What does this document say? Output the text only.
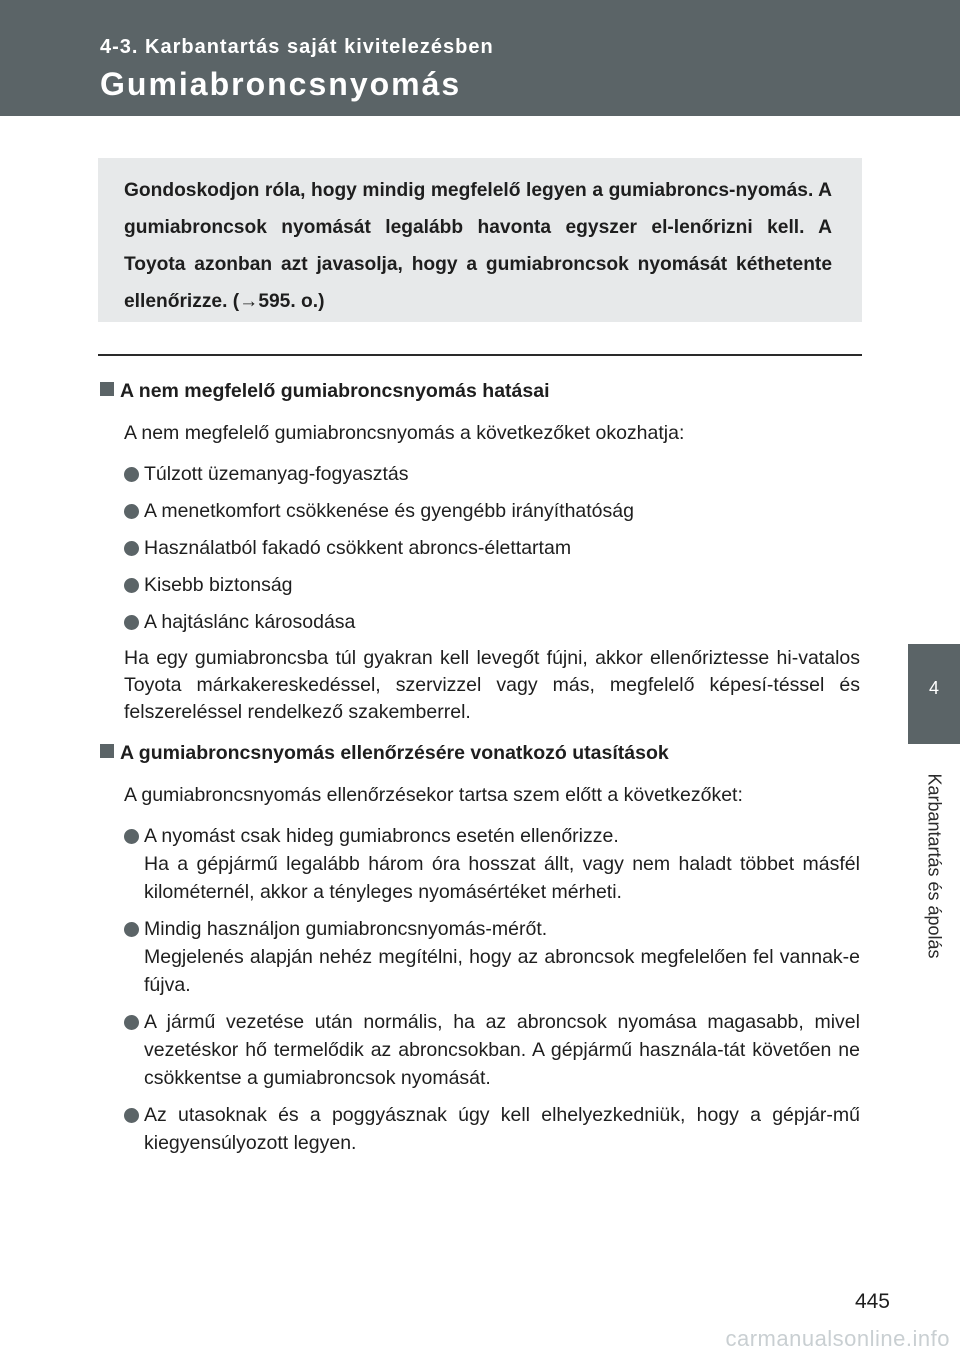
4-3. Karbantartás saját kivitelezésben
Gumiabroncsnyomás

Gondoskodjon róla, hogy mindig megfelelő legyen a gumiabroncs-nyomás. A gumiabroncsok nyomását legalább havonta egyszer el-lenőrizni kell. A Toyota azonban azt javasolja, hogy a gumiabroncsok nyomását kéthetente ellenőrizze. (→595. o.)

A nem megfelelő gumiabroncsnyomás hatásai
A nem megfelelő gumiabroncsnyomás a következőket okozhatja:
Túlzott üzemanyag-fogyasztás
A menetkomfort csökkenése és gyengébb irányíthatóság
Használatból fakadó csökkent abroncs-élettartam
Kisebb biztonság
A hajtáslánc károsodása
Ha egy gumiabroncsba túl gyakran kell levegőt fújni, akkor ellenőriztesse hi-vatalos Toyota márkakereskedéssel, szervizzel vagy más, megfelelő képesí-téssel és felszereléssel rendelkező szakemberrel.
A gumiabroncsnyomás ellenőrzésére vonatkozó utasítások
A gumiabroncsnyomás ellenőrzésekor tartsa szem előtt a következőket:
A nyomást csak hideg gumiabroncs esetén ellenőrizze.
Ha a gépjármű legalább három óra hosszat állt, vagy nem haladt többet másfél kilométernél, akkor a tényleges nyomásértéket mérheti.
Mindig használjon gumiabroncsnyomás-mérőt.
Megjelenés alapján nehéz megítélni, hogy az abroncsok megfelelően fel vannak-e fújva.
A jármű vezetése után normális, ha az abroncsok nyomása magasabb, mivel vezetéskor hő termelődik az abroncsokban. A gépjármű használa-tát követően ne csökkentse a gumiabroncsok nyomását.
Az utasoknak és a poggyásznak úgy kell elhelyezkedniük, hogy a gépjár-mű kiegyensúlyozott legyen.
4
Karbantartás és ápolás
445
carmanualsonline.info
